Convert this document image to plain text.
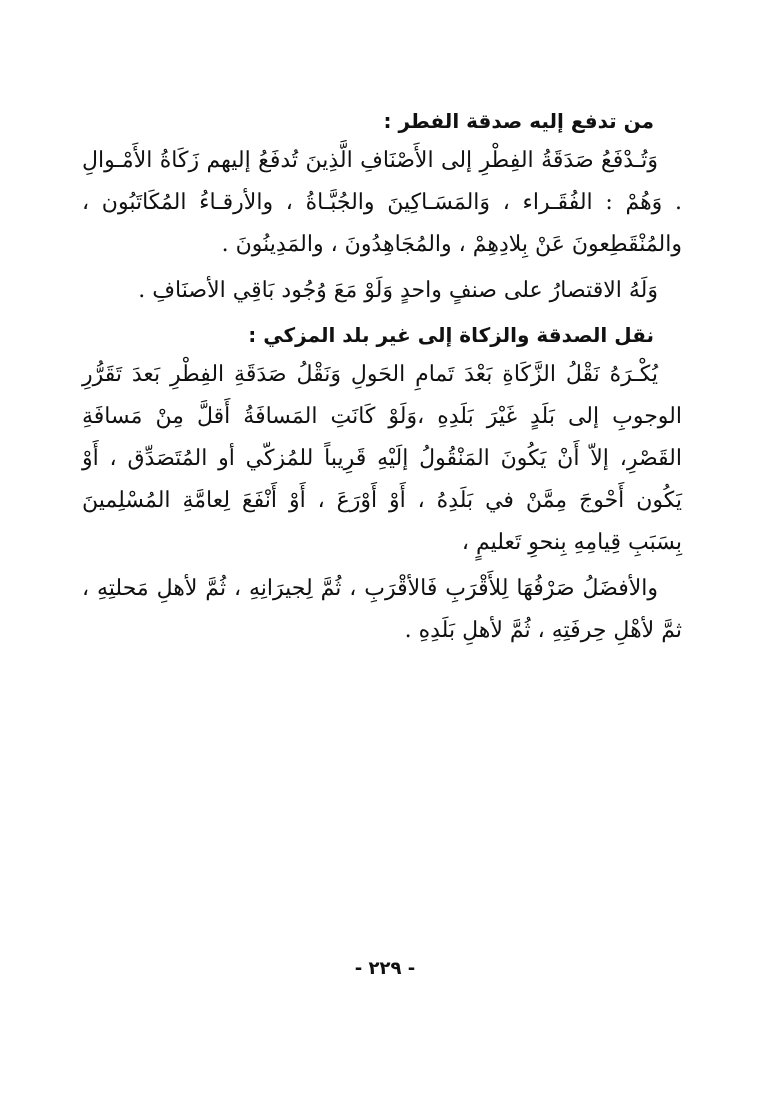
من تدفع إليه صدقة الفطر :

وَتُـدْفَعُ صَدَقَةُ الفِطْرِ إلى الأَصْنَافِ الَّذِينَ تُدفَعُ إليهم زَكَاةُ الأَمْـوالِ . وَهُمْ : الفُقَـراء ، وَالمَسَـاكِينَ والجُبَّـاةُ ، والأرقـاءُ المُكَاتَبُون ، والمُنْقَطِعونَ عَنْ بِلادِهِمْ ، والمُجَاهِدُونَ ، والمَدِينُونَ .

وَلَهُ الاقتصارُ على صنفٍ واحدٍ وَلَوْ مَعَ وُجُود بَاقِي الأصنَافِ .

نقل الصدقة والزكاة إلى غير بلد المزكي :

يُكْـرَهُ نَقْلُ الزَّكَاةِ بَعْدَ تَمامِ الحَولِ وَنَقْلُ صَدَقَةِ الفِطْرِ بَعدَ تَقَرُّرِ الوجوبِ إلى بَلَدٍ غَيْرَ بَلَدِهِ ،وَلَوْ كَانَتِ المَسافَةُ أَقلَّ مِنْ مَسافَةِ القَصْرِ، إلاّ أَنْ يَكُونَ المَنْقُولُ إلَيْهِ قَرِيباً للمُزكّي أو المُتَصَدِّق ، أَوْ يَكُون أَحْوجَ مِمَّنْ في بَلَدِهُ ، أَوْ أَوْرَعَ ، أَوْ أَنْفَعَ لِعامَّةِ المُسْلِمينَ بِسَبَبِ قِيامِهِ بِنحوِ تَعليمٍ ،

والأفضَلُ صَرْفُهَا لِلأَقْرَبِ فَالأقْرَبِ ، ثُمَّ لِجيرَانِهِ ، ثُمَّ لأهلِ مَحلتِهِ ، ثمَّ لأهْلِ حِرفَتِهِ ، ثُمَّ لأهلِ بَلَدِهِ .

- ٢٢٩ -
